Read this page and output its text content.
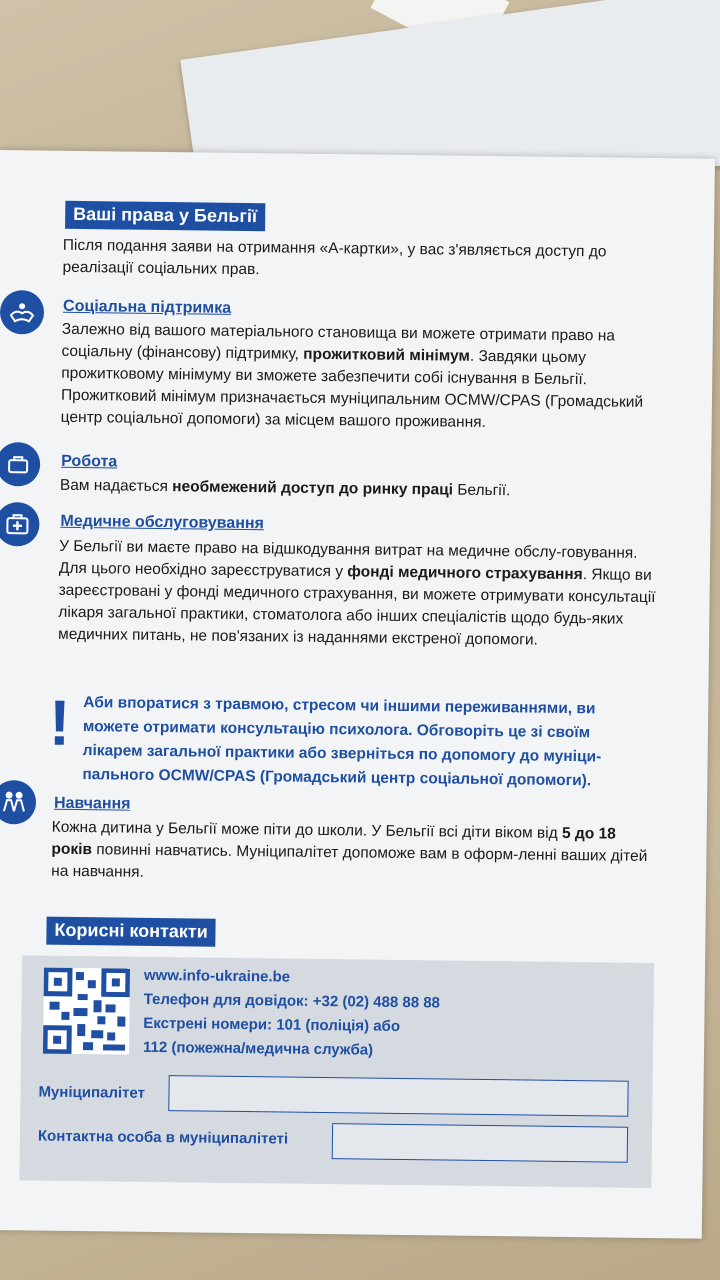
Ваші права у Бельгії
Після подання заяви на отримання «А-картки», у вас з'являється доступ до реалізації соціальних прав.
Соціальна підтримка
Залежно від вашого матеріального становища ви можете отримати право на соціальну (фінансову) підтримку, прожитковий мінімум. Завдяки цьому прожитковому мінімуму ви зможете забезпечити собі існування в Бельгії. Прожитковий мінімум призначається муніципальним OCMW/CPAS (Громадський центр соціальної допомоги) за місцем вашого проживання.
Робота
Вам надається необмежений доступ до ринку праці Бельгії.
Медичне обслуговування
У Бельгії ви маєте право на відшкодування витрат на медичне обслу-говування. Для цього необхідно зареєструватися у фонді медичного страхування. Якщо ви зареєстровані у фонді медичного страхування, ви можете отримувати консультації лікаря загальної практики, стоматолога або інших спеціалістів щодо будь-яких медичних питань, не пов'язаних із наданнями екстреної допомоги.
! Аби впоратися з травмою, стресом чи іншими переживаннями, ви можете отримати консультацію психолога. Обговоріть це зі своїм лікарем загальної практики або зверніться по допомогу до муніци-пального OCMW/CPAS (Громадський центр соціальної допомоги).
Навчання
Кожна дитина у Бельгії може піти до школи. У Бельгії всі діти віком від 5 до 18 років повинні навчатись. Муніципалітет допоможе вам в оформ-ленні ваших дітей на навчання.
Корисні контакти
www.info-ukraine.be
Телефон для довідок: +32 (02) 488 88 88
Екстрені номери: 101 (поліція) або
112 (пожежна/медична служба)
Муніципалітет
Контактна особа в муніципалітеті
